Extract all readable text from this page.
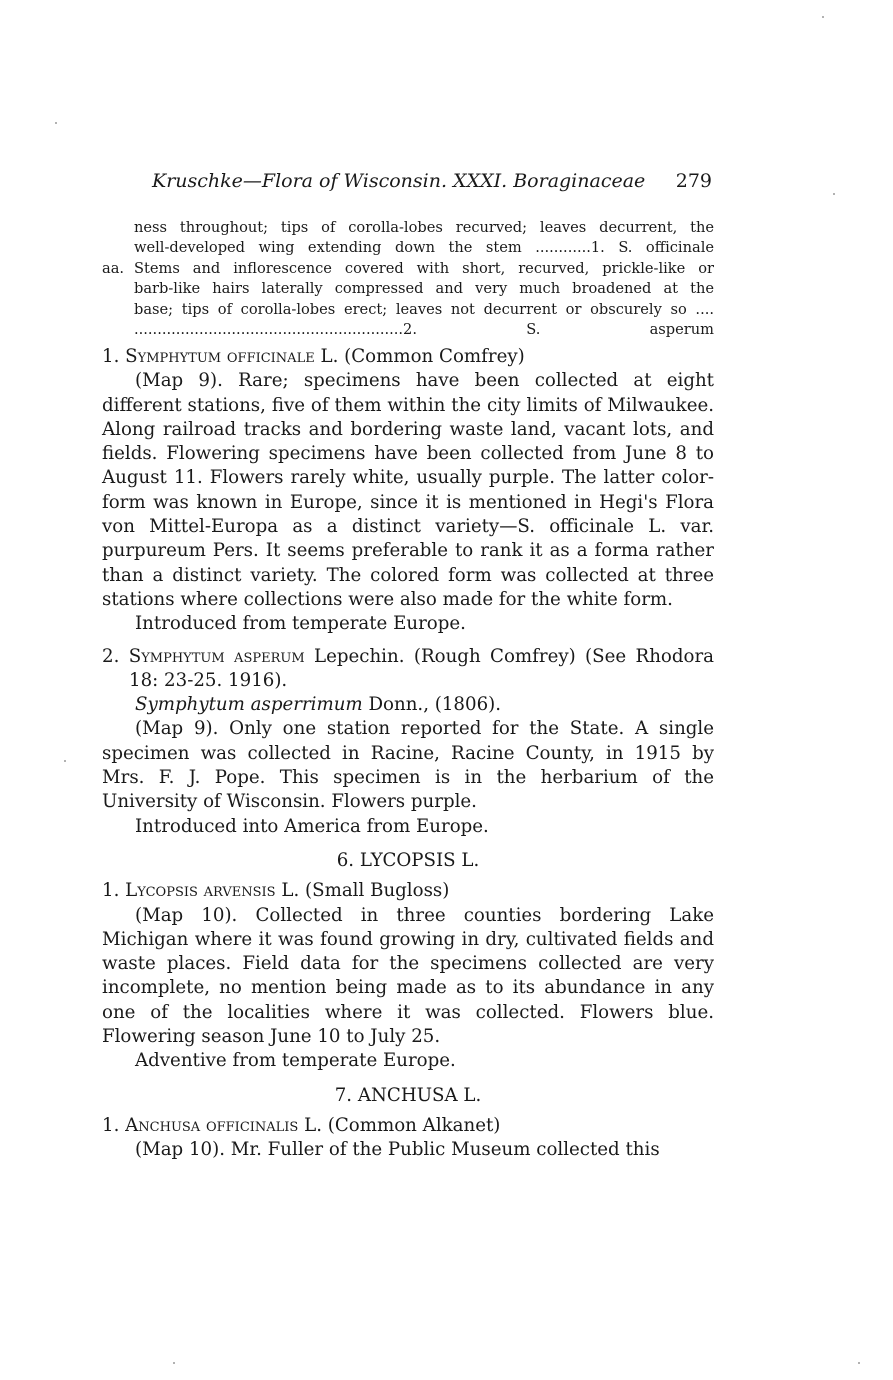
Kruschke—Flora of Wisconsin. XXXI. Boraginaceae 279
ness throughout; tips of corolla-lobes recurved; leaves decurrent, the
well-developed wing extending down the stem ............1. S. officinale
aa. Stems and inflorescence covered with short, recurved, prickle-like or
barb-like hairs laterally compressed and very much broadened at the
base; tips of corolla-lobes erect; leaves not decurrent or obscurely so ....
..........................................................2. S. asperum

1. Symphytum officinale L. (Common Comfrey)

(Map 9). Rare; specimens have been collected at eight different stations, five of them within the city limits of Milwaukee. Along railroad tracks and bordering waste land, vacant lots, and fields. Flowering specimens have been collected from June 8 to August 11. Flowers rarely white, usually purple. The latter color-form was known in Europe, since it is mentioned in Hegi's Flora von Mittel-Europa as a distinct variety—S. officinale L. var. purpureum Pers. It seems preferable to rank it as a forma rather than a distinct variety. The colored form was collected at three stations where collections were also made for the white form.

Introduced from temperate Europe.

2. Symphytum asperum Lepechin. (Rough Comfrey) (See Rhodora 18: 23-25. 1916).

Symphytum asperrimum Donn., (1806).

(Map 9). Only one station reported for the State. A single specimen was collected in Racine, Racine County, in 1915 by Mrs. F. J. Pope. This specimen is in the herbarium of the University of Wisconsin. Flowers purple.

Introduced into America from Europe.

6. LYCOPSIS L.

1. Lycopsis arvensis L. (Small Bugloss)

(Map 10). Collected in three counties bordering Lake Michigan where it was found growing in dry, cultivated fields and waste places. Field data for the specimens collected are very incomplete, no mention being made as to its abundance in any one of the localities where it was collected. Flowers blue. Flowering season June 10 to July 25.

Adventive from temperate Europe.

7. ANCHUSA L.

1. Anchusa officinalis L. (Common Alkanet)

(Map 10). Mr. Fuller of the Public Museum collected this
